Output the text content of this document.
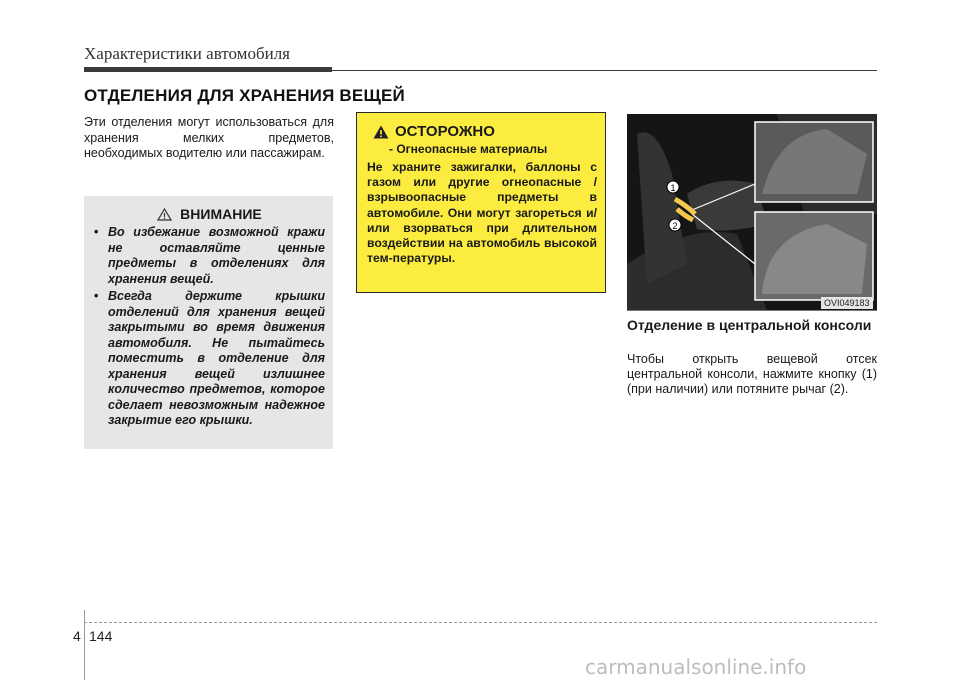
Характеристики автомобиля
ОТДЕЛЕНИЯ ДЛЯ ХРАНЕНИЯ ВЕЩЕЙ
Эти отделения могут использоваться для хранения мелких предметов, необходимых водителю или пассажирам.
ВНИМАНИЕ
• Во избежание возможной кражи не оставляйте ценные предметы в отделениях для хранения вещей.
• Всегда держите крышки отделений для хранения вещей закрытыми во время движения автомобиля. Не пытайтесь поместить в отделение для хранения вещей излишнее количество предметов, которое сделает невозможным надежное закрытие его крышки.
ОСТОРОЖНО
- Огнеопасные материалы
Не храните зажигалки, баллоны с газом или другие огнеопасные / взрывоопасные предметы в автомобиле. Они могут загореться и/или взорваться при длительном воздействии на автомобиль высокой тем-пературы.
1
2
OVI049183
Отделение в центральной консоли
Чтобы открыть вещевой отсек центральной консоли, нажмите кнопку (1) (при наличии) или потяните рычаг (2).
4 144
carmanualsonline.info
